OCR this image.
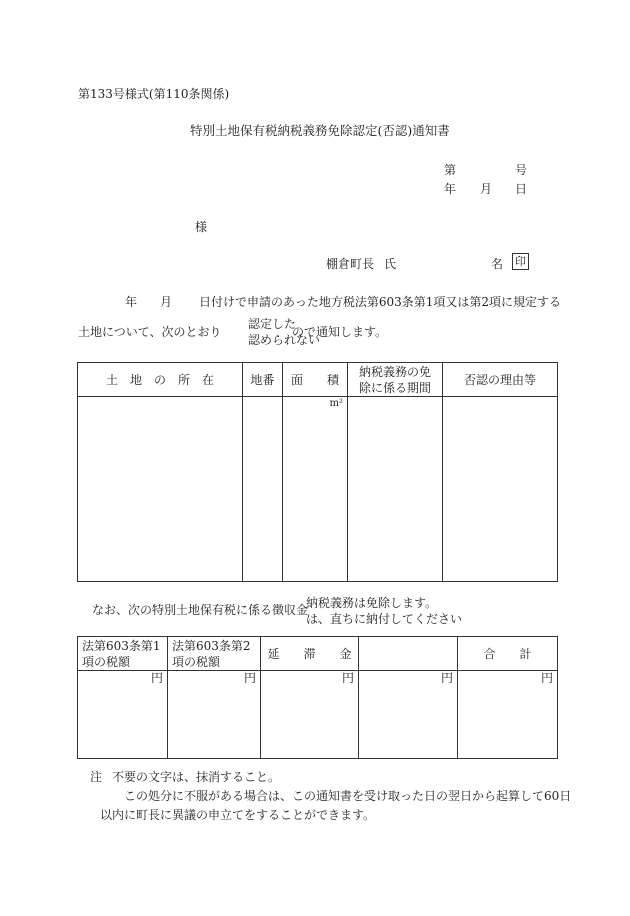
第133号様式(第110条関係)
特別土地保有税納税義務免除認定(否認)通知書
第	号
年 月 日
様
棚倉町長 氏	名 印
年 月 日付けで申請のあった地方税法第603条第1項又は第2項に規定する
土地について、次のとおり
認定した
認められない
ので通知します。
土　地　の　所　在	地番	面　　積	納税義務の免除に係る期間	否認の理由等
		m²		
なお、次の特別土地保有税に係る徴収金
納税義務は免除します。
は、直ちに納付してください
法第603条第1項の税額	法第603条第2項の税額	延　　滞　　金		合　　計
円	円	円	円	円
注 不要の文字は、抹消すること。
この処分に不服がある場合は、この通知書を受け取った日の翌日から起算して60日
以内に町長に異議の申立てをすることができます。
